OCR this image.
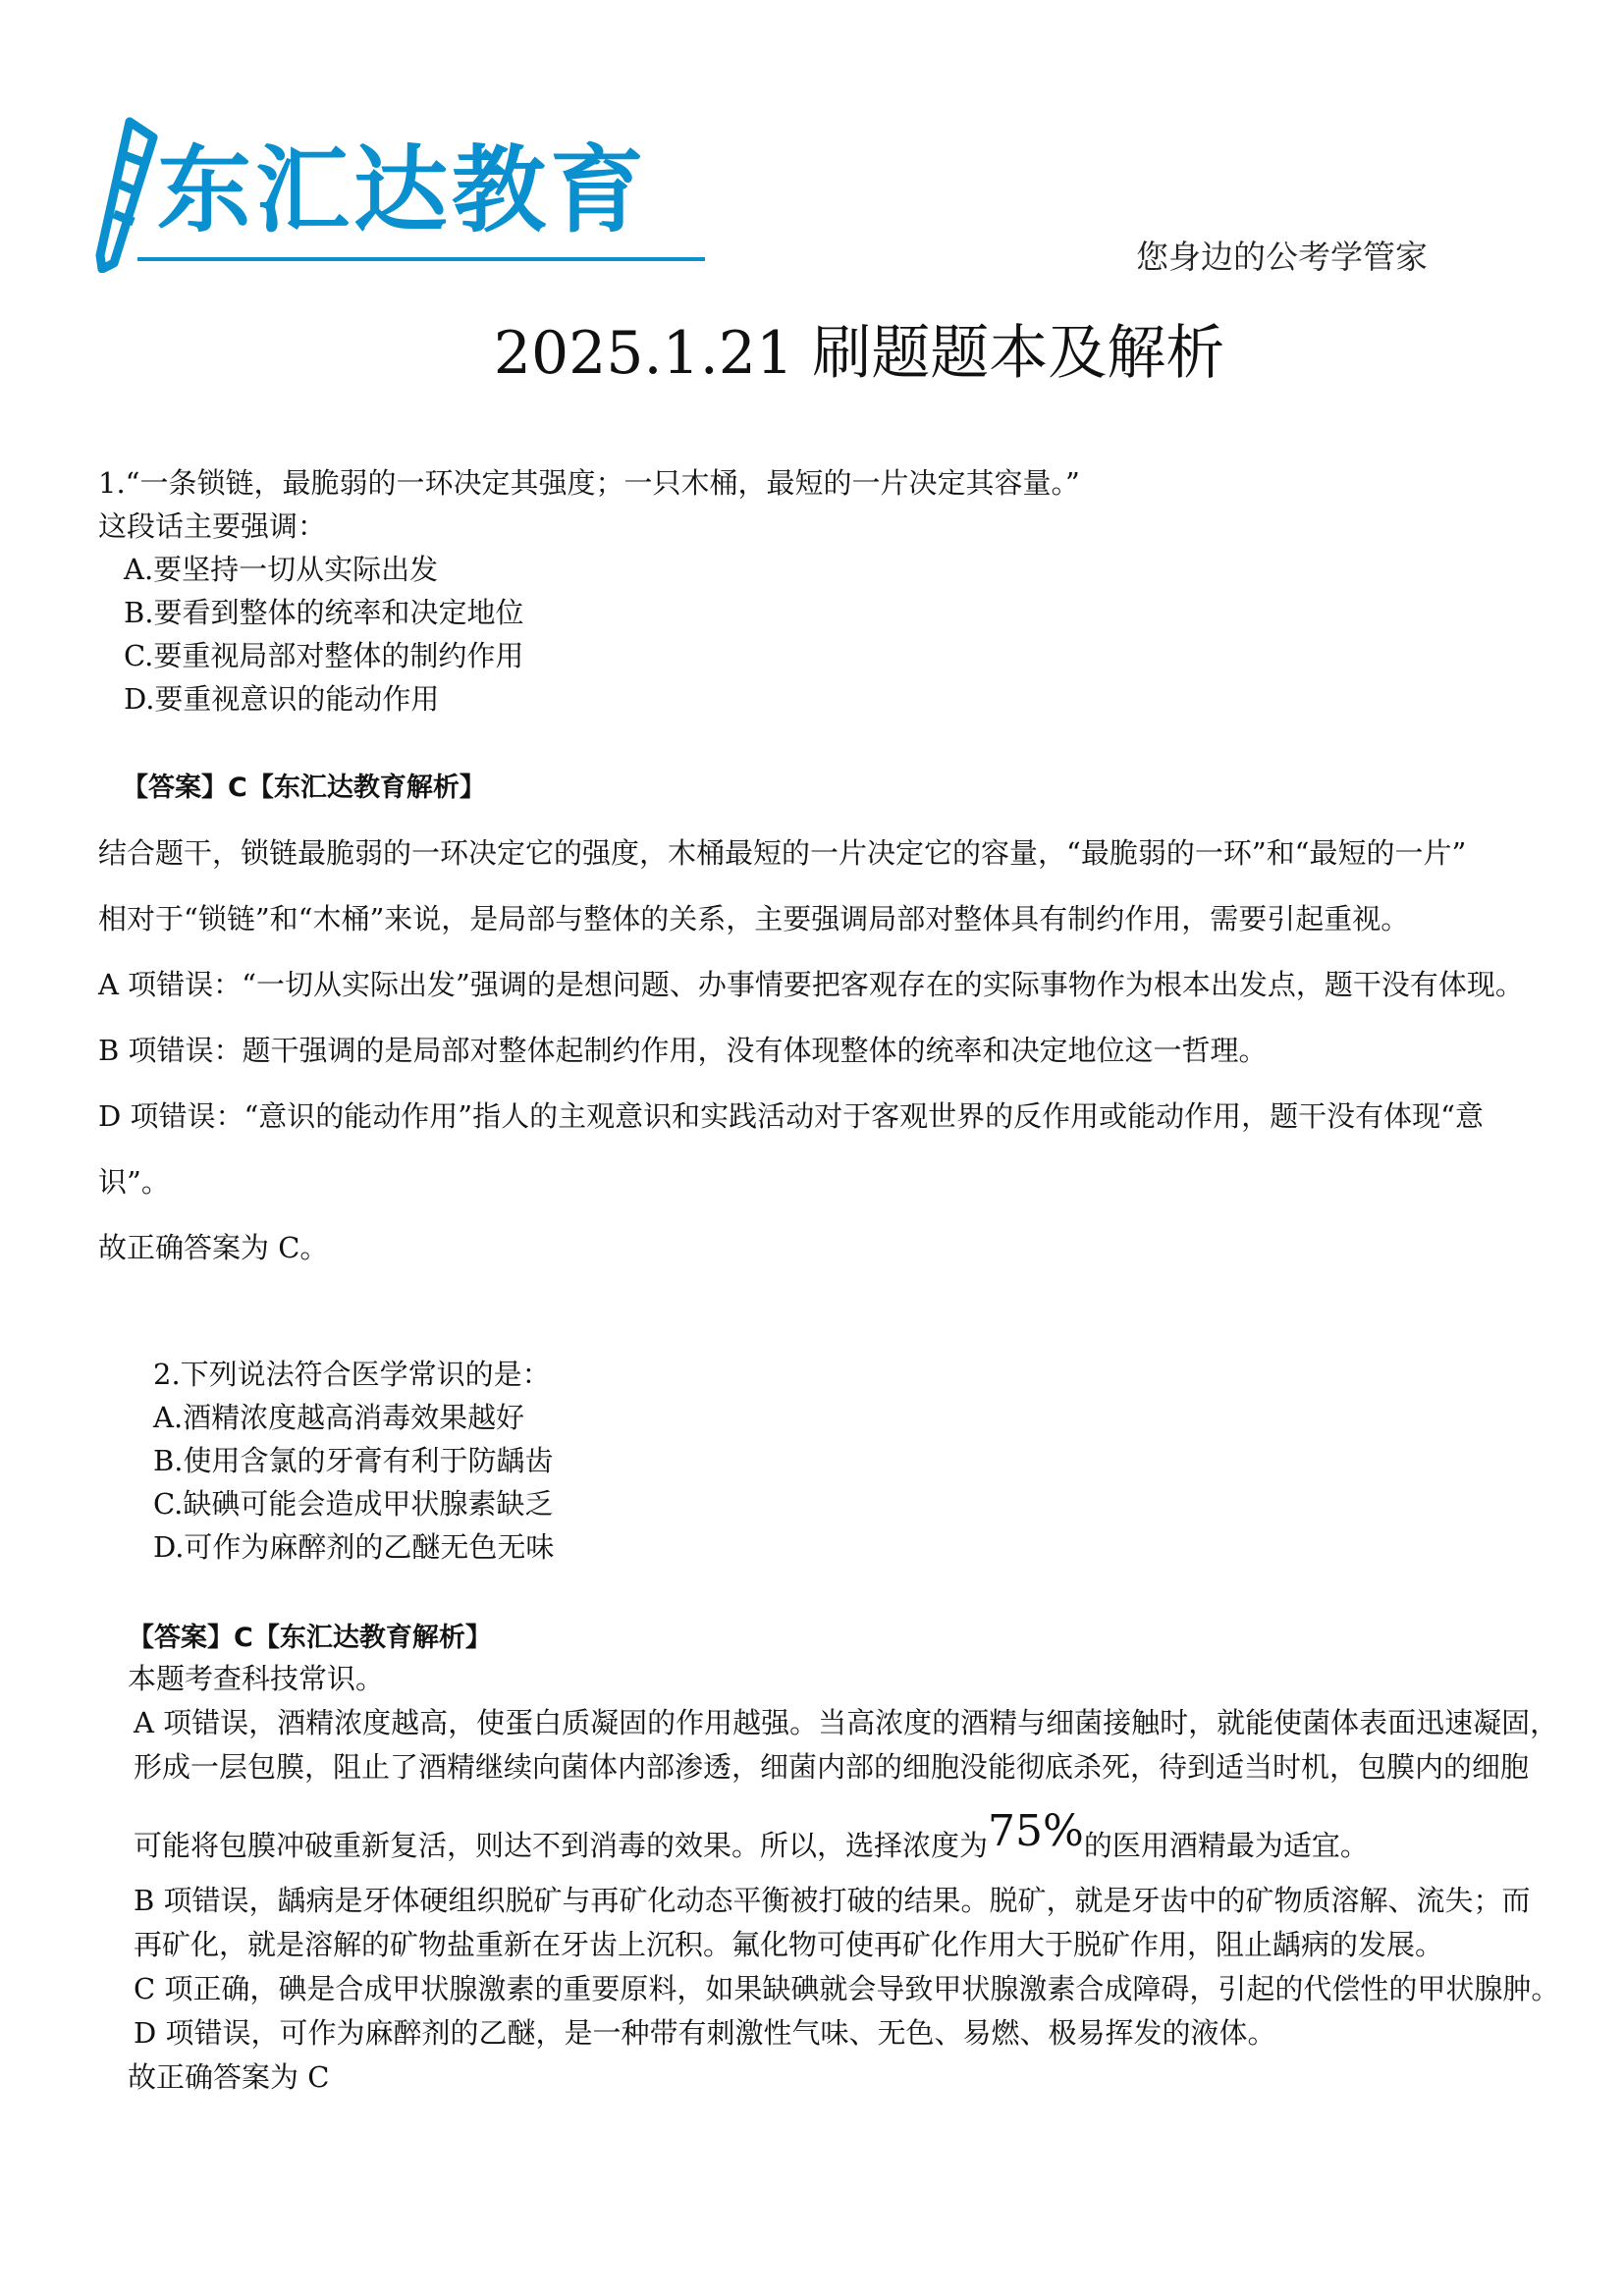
东汇达教育
您身边的公考学管家
2025.1.21 刷题题本及解析
1.“一条锁链，最脆弱的一环决定其强度；一只木桶，最短的一片决定其容量。”
这段话主要强调：
A.要坚持一切从实际出发
B.要看到整体的统率和决定地位
C.要重视局部对整体的制约作用
D.要重视意识的能动作用
【答案】C【东汇达教育解析】
结合题干，锁链最脆弱的一环决定它的强度，木桶最短的一片决定它的容量，“最脆弱的一环”和“最短的一片”
相对于“锁链”和“木桶”来说，是局部与整体的关系，主要强调局部对整体具有制约作用，需要引起重视。
A 项错误：“一切从实际出发”强调的是想问题、办事情要把客观存在的实际事物作为根本出发点，题干没有体现。
B 项错误：题干强调的是局部对整体起制约作用，没有体现整体的统率和决定地位这一哲理。
D 项错误：“意识的能动作用”指人的主观意识和实践活动对于客观世界的反作用或能动作用，题干没有体现“意
识”。
故正确答案为 C。
2.下列说法符合医学常识的是：
A.酒精浓度越高消毒效果越好
B.使用含氯的牙膏有利于防龋齿
C.缺碘可能会造成甲状腺素缺乏
D.可作为麻醉剂的乙醚无色无味
【答案】C【东汇达教育解析】
本题考查科技常识。
A 项错误，酒精浓度越高，使蛋白质凝固的作用越强。当高浓度的酒精与细菌接触时，就能使菌体表面迅速凝固，
形成一层包膜，阻止了酒精继续向菌体内部渗透，细菌内部的细胞没能彻底杀死，待到适当时机，包膜内的细胞
可能将包膜冲破重新复活，则达不到消毒的效果。所以，选择浓度为75%的医用酒精最为适宜。
B 项错误，龋病是牙体硬组织脱矿与再矿化动态平衡被打破的结果。脱矿，就是牙齿中的矿物质溶解、流失；而
再矿化，就是溶解的矿物盐重新在牙齿上沉积。氟化物可使再矿化作用大于脱矿作用，阻止龋病的发展。
C 项正确，碘是合成甲状腺激素的重要原料，如果缺碘就会导致甲状腺激素合成障碍，引起的代偿性的甲状腺肿。
D 项错误，可作为麻醉剂的乙醚，是一种带有刺激性气味、无色、易燃、极易挥发的液体。
故正确答案为 C
